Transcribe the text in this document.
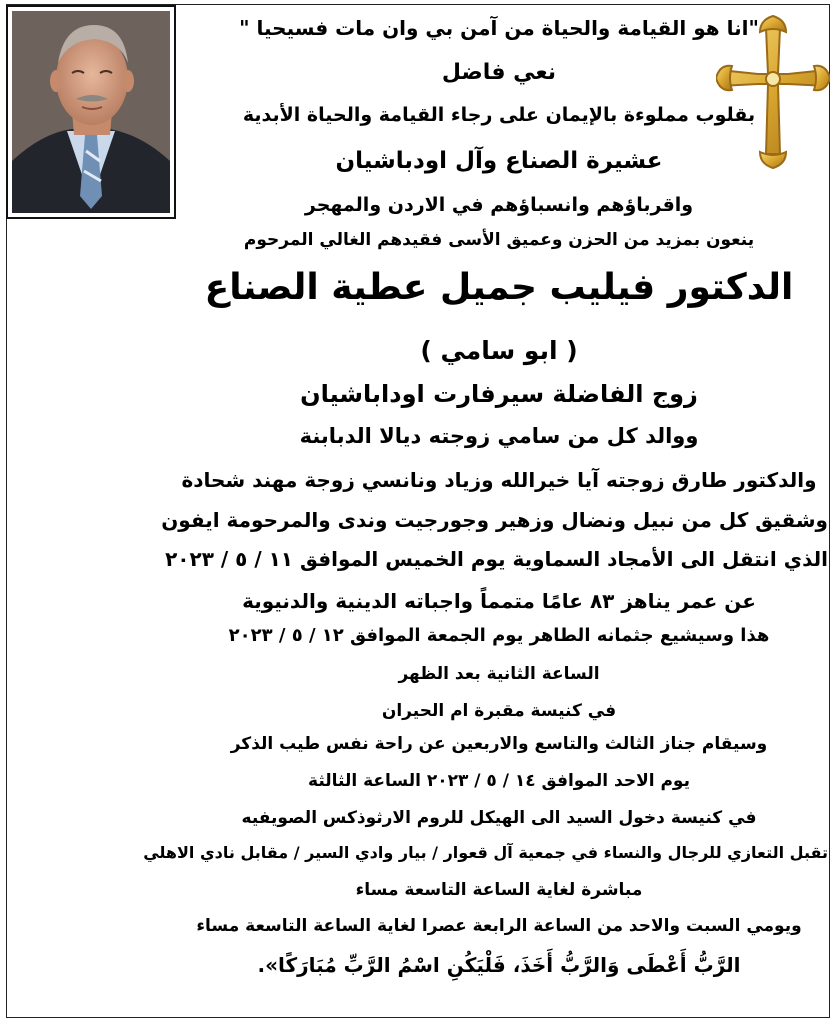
"انا هو القيامة والحياة من آمن بي وان مات فسيحيا "
نعي فاضل
بقلوب مملوءة بالإيمان على رجاء القيامة والحياة الأبدية
عشيرة الصناع وآل اودباشيان
واقرباؤهم وانسباؤهم في الاردن والمهجر
ينعون بمزيد من الحزن وعميق الأسى فقيدهم الغالي المرحوم
الدكتور فيليب جميل عطية الصناع
( ابو سامي )
زوج الفاضلة سيرفارت اوداباشيان
ووالد كل من سامي زوجته ديالا الدبابنة
والدكتور طارق زوجته آيا خيرالله وزياد ونانسي زوجة مهند شحادة
وشقيق كل من نبيل ونضال وزهير وجورجيت وندى والمرحومة ايفون
الذي انتقل الى الأمجاد السماوية يوم الخميس الموافق ١١ / ٥ / ٢٠٢٣
عن عمر يناهز ٨٣ عامًا متمماً واجباته الدينية والدنيوية
هذا وسيشيع جثمانه الطاهر يوم الجمعة الموافق ١٢ / ٥ / ٢٠٢٣
الساعة الثانية بعد الظهر
في كنيسة مقبرة ام الحيران
وسيقام جناز الثالث والتاسع والاربعين عن راحة نفس طيب الذكر
يوم الاحد الموافق ١٤ / ٥ / ٢٠٢٣ الساعة الثالثة
في كنيسة دخول السيد الى الهيكل للروم الارثوذكس الصويفيه
تقبل التعازي للرجال والنساء في جمعية آل قعوار / بيار وادي السير / مقابل نادي الاهلي
مباشرة لغاية الساعة التاسعة مساء
ويومي السبت والاحد من الساعة الرابعة عصرا لغاية الساعة التاسعة مساء
الرَّبُّ أَعْطَى وَالرَّبُّ أَخَذَ، فَلْيَكُنِ اسْمُ الرَّبِّ مُبَارَكًا».
